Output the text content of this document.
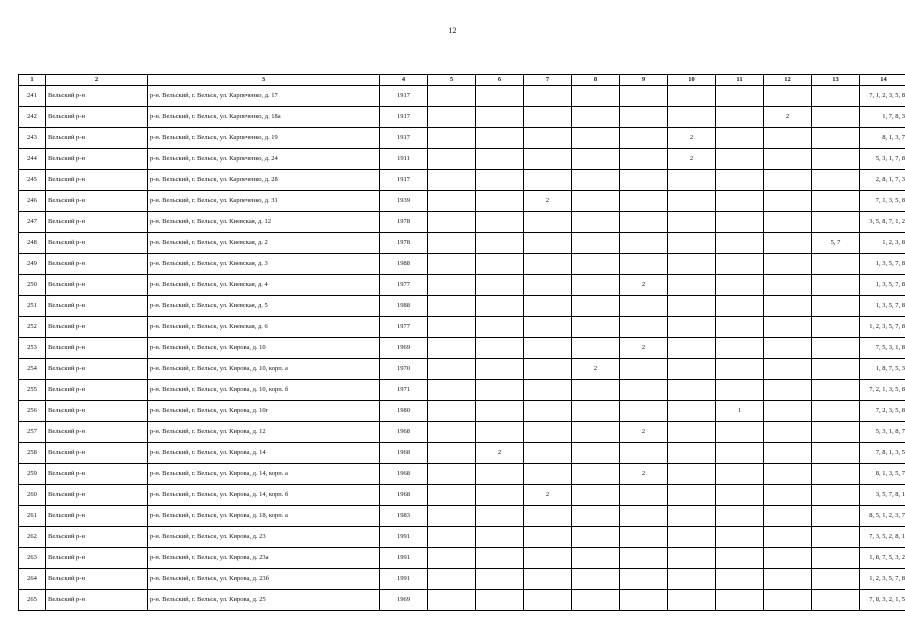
12
1	2	3	4	5	6	7	8	9	10	11	12	13	14
241	Вельский р-н	р-н. Вельский, г. Вельск, ул. Карпеченко, д. 17	1917										7, 1, 2, 3, 5, 8
242	Вельский р-н	р-н. Вельский, г. Вельск, ул. Карпеченко, д. 18а	1917								2		1, 7, 8, 3
243	Вельский р-н	р-н. Вельский, г. Вельск, ул. Карпеченко, д. 19	1917						2				8, 1, 3, 7
244	Вельский р-н	р-н. Вельский, г. Вельск, ул. Карпеченко, д. 24	1911						2				5, 3, 1, 7, 8
245	Вельский р-н	р-н. Вельский, г. Вельск, ул. Карпеченко, д. 28	1917										2, 8, 1, 7, 3
246	Вельский р-н	р-н. Вельский, г. Вельск, ул. Карпеченко, д. 31	1939			2							7, 1, 3, 5, 8
247	Вельский р-н	р-н. Вельский, г. Вельск, ул. Киевская, д. 12	1978										3, 5, 8, 7, 1, 2
248	Вельский р-н	р-н. Вельский, г. Вельск, ул. Киевская, д. 2	1978									5, 7	1, 2, 3, 8
249	Вельский р-н	р-н. Вельский, г. Вельск, ул. Киевская, д. 3	1988										1, 3, 5, 7, 8
250	Вельский р-н	р-н. Вельский, г. Вельск, ул. Киевская, д. 4	1977					2					1, 3, 5, 7, 8
251	Вельский р-н	р-н. Вельский, г. Вельск, ул. Киевская, д. 5	1988										1, 3, 5, 7, 8
252	Вельский р-н	р-н. Вельский, г. Вельск, ул. Киевская, д. 6	1977										1, 2, 3, 5, 7, 8
253	Вельский р-н	р-н. Вельский, г. Вельск, ул. Кирова, д. 10	1969					2					7, 5, 3, 1, 8
254	Вельский р-н	р-н. Вельский, г. Вельск, ул. Кирова, д. 10, корп. а	1970				2						1, 8, 7, 5, 3
255	Вельский р-н	р-н. Вельский, г. Вельск, ул. Кирова, д. 10, корп. б	1971										7, 2, 1, 3, 5, 8
256	Вельский р-н	р-н. Вельский, г. Вельск, ул. Кирова, д. 10г	1980							1			7, 2, 3, 5, 8
257	Вельский р-н	р-н. Вельский, г. Вельск, ул. Кирова, д. 12	1968					2					5, 3, 1, 8, 7
258	Вельский р-н	р-н. Вельский, г. Вельск, ул. Кирова, д. 14	1968		2								7, 8, 1, 3, 5
259	Вельский р-н	р-н. Вельский, г. Вельск, ул. Кирова, д. 14, корп. а	1968					2					8, 1, 3, 5, 7
260	Вельский р-н	р-н. Вельский, г. Вельск, ул. Кирова, д. 14, корп. б	1968			2							3, 5, 7, 8, 1
261	Вельский р-н	р-н. Вельский, г. Вельск, ул. Кирова, д. 18, корп. а	1983										8, 5, 1, 2, 3, 7
262	Вельский р-н	р-н. Вельский, г. Вельск, ул. Кирова, д. 23	1991										7, 3, 5, 2, 8, 1
263	Вельский р-н	р-н. Вельский, г. Вельск, ул. Кирова, д. 23а	1991										1, 8, 7, 5, 3, 2
264	Вельский р-н	р-н. Вельский, г. Вельск, ул. Кирова, д. 23б	1991										1, 2, 3, 5, 7, 8
265	Вельский р-н	р-н. Вельский, г. Вельск, ул. Кирова, д. 25	1969										7, 8, 3, 2, 1, 5
